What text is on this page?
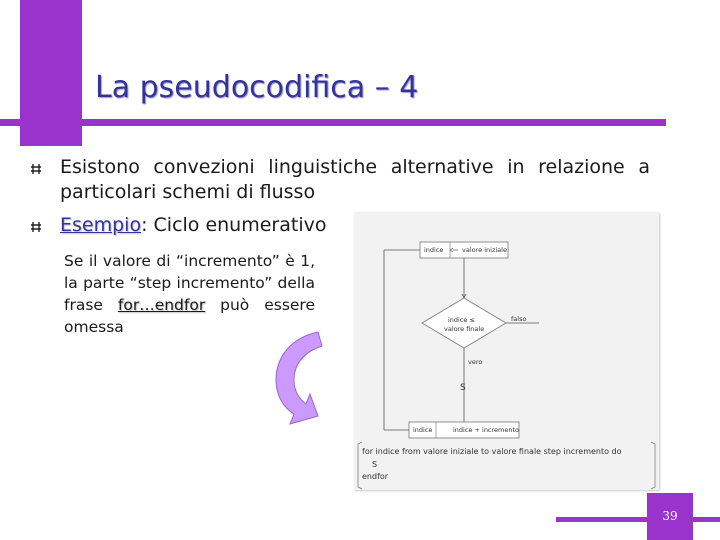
La pseudocodifica – 4
Esistono convezioni linguistiche alternative in relazione a particolari schemi di flusso
Esempio: Ciclo enumerativo
Se il valore di “incremento” è 1,
la parte “step incremento” della
frase for…endfor può essere
omessa
indice	valore iniziale
indice ≤
valore finale
falso
vero
S
indice	indice + incremento
for indice from valore iniziale to valore finale step incremento do
S
endfor
39
